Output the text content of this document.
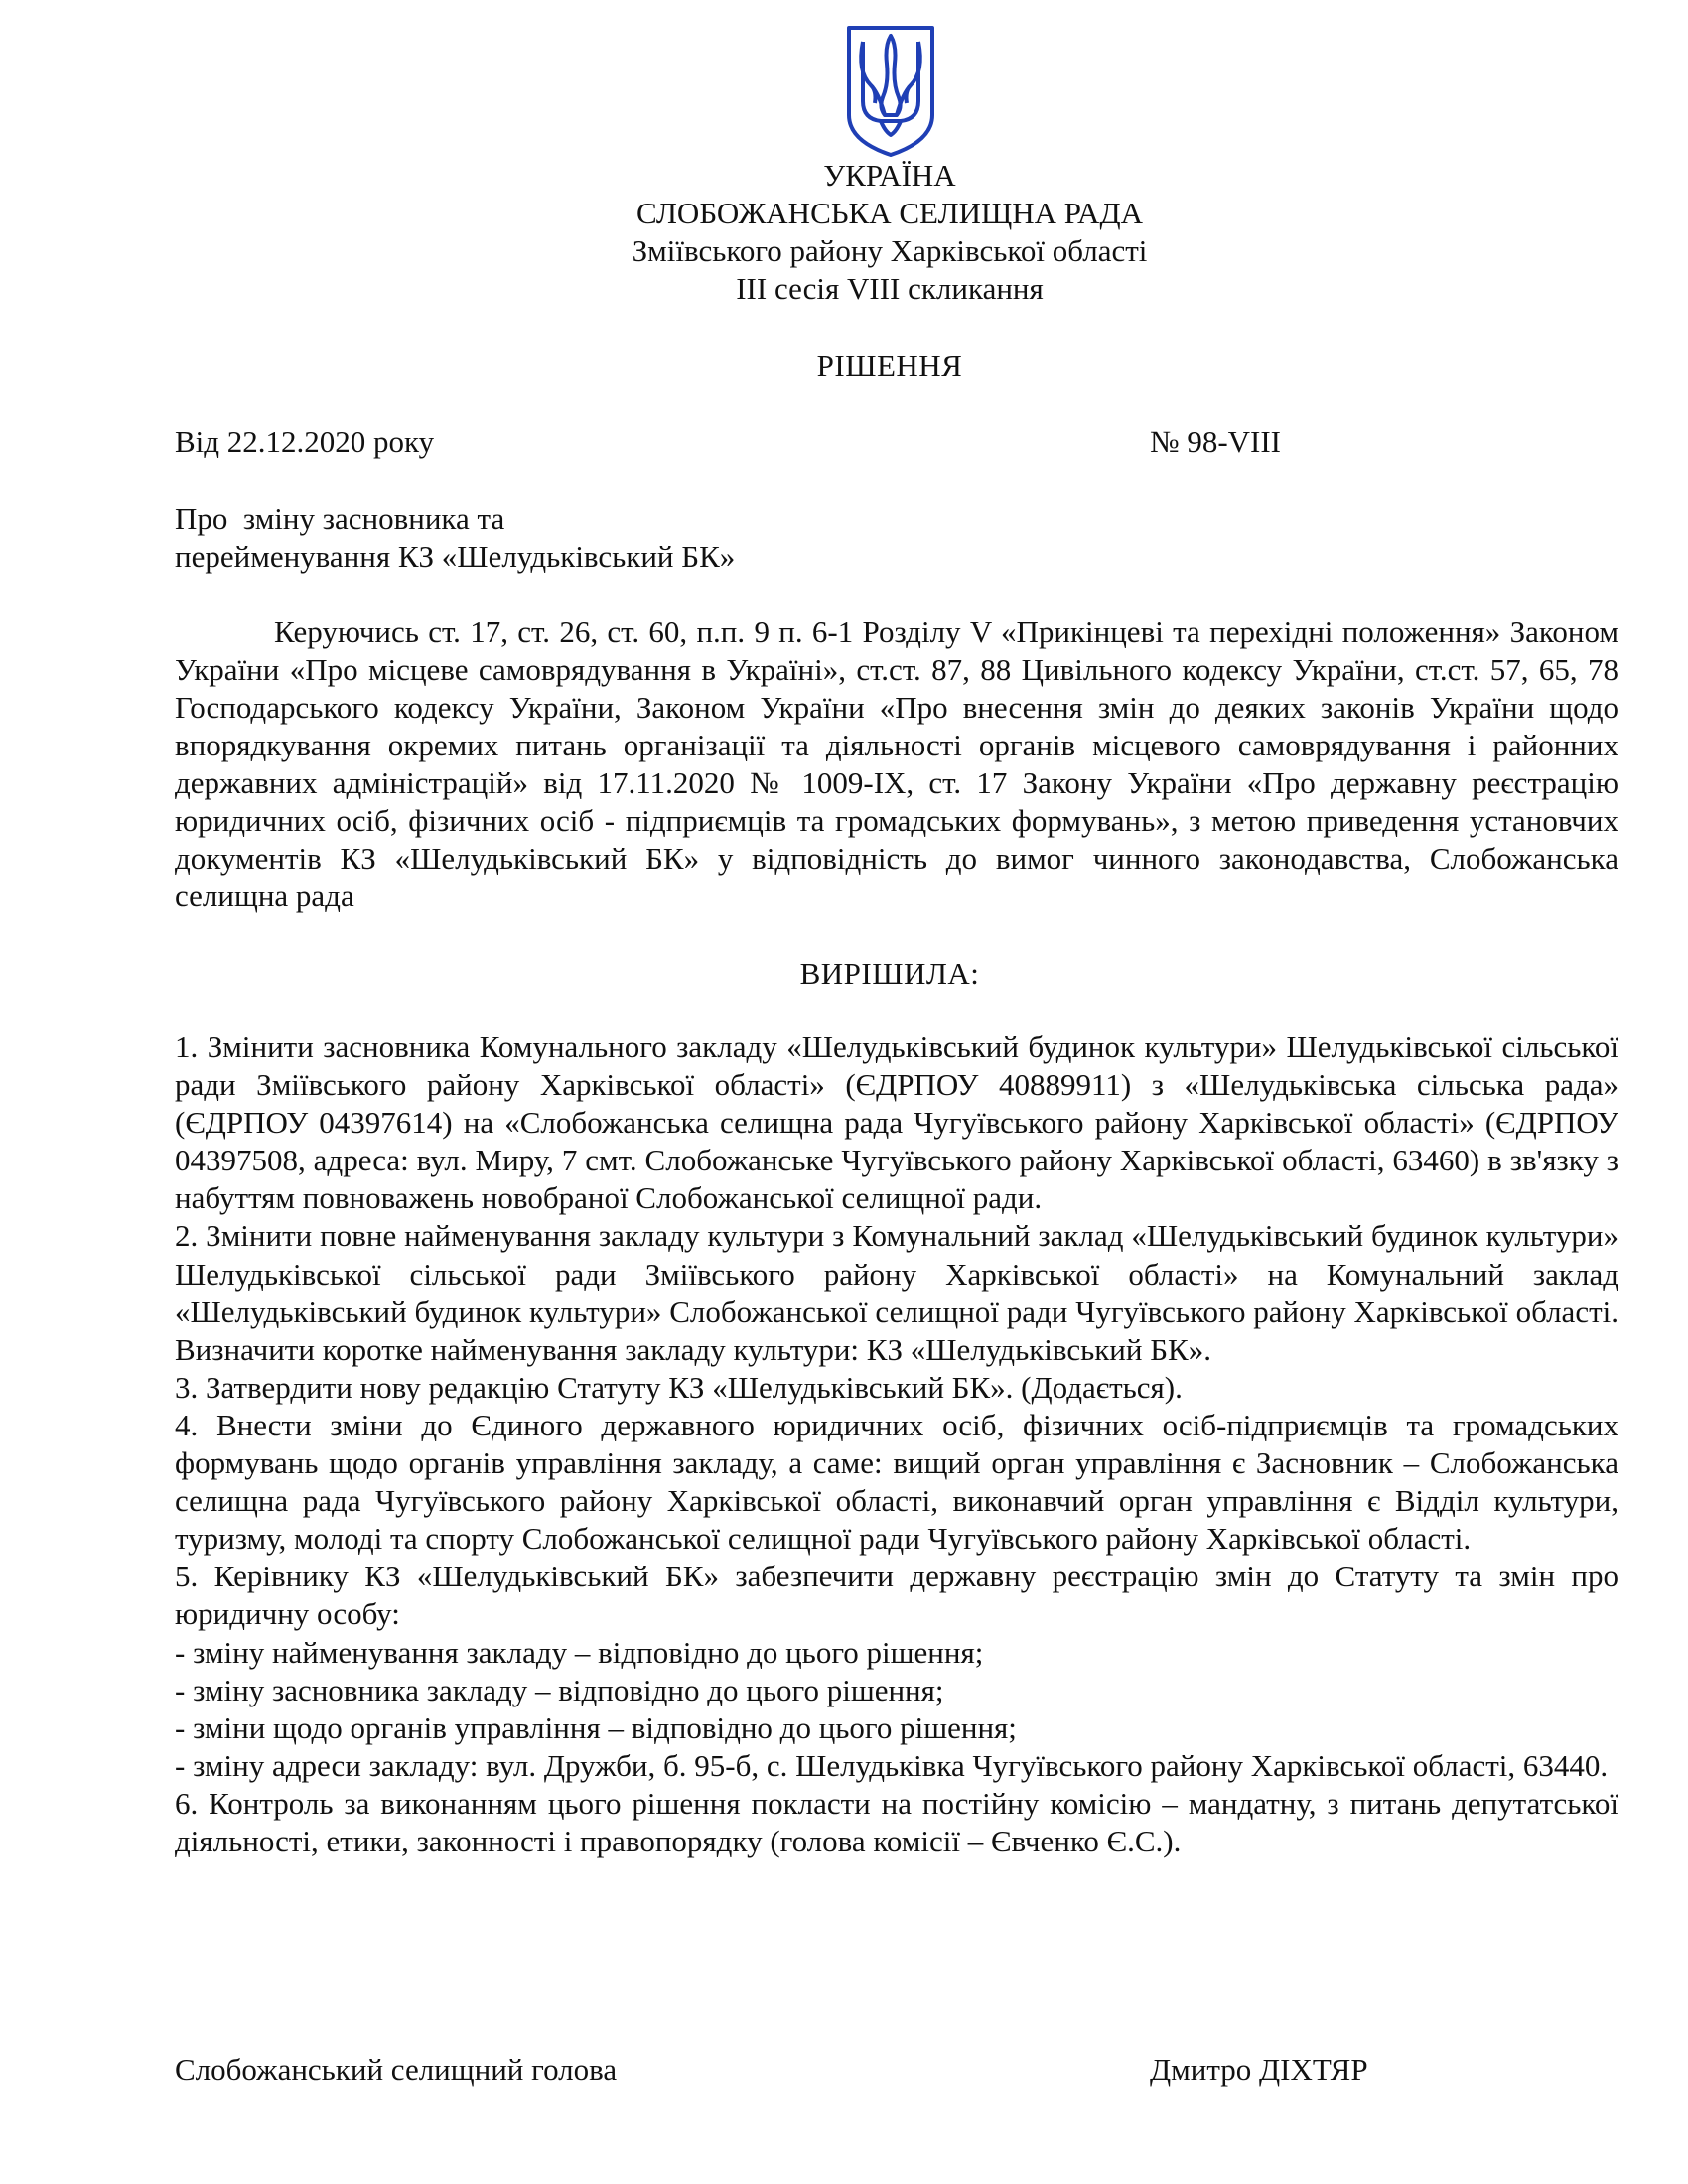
УКРАЇНА
СЛОБОЖАНСЬКА СЕЛИЩНА РАДА
Зміївського району Харківської області
ІІІ сесія VIІІ скликання
РІШЕННЯ
Від 22.12.2020 року	№ 98-VIІІ
Про  зміну засновника та
перейменування КЗ «Шелудьківський БК»
Керуючись ст. 17, ст. 26, ст. 60, п.п. 9 п. 6-1 Розділу V «Прикінцеві та перехідні положення» Законом України «Про місцеве самоврядування в Україні», ст.ст. 87, 88 Цивільного кодексу України, ст.ст. 57, 65, 78 Господарського кодексу України, Законом України «Про внесення змін до деяких законів України щодо впорядкування окремих питань організації та діяльності органів місцевого самоврядування і районних державних адміністрацій» від 17.11.2020 № 1009-IX, ст. 17 Закону України «Про державну реєстрацію юридичних осіб, фізичних осіб - підприємців та громадських формувань», з метою приведення установчих документів КЗ «Шелудьківський БК» у відповідність до вимог чинного законодавства, Слобожанська селищна рада
ВИРІШИЛА:

1. Змінити засновника Комунального закладу «Шелудьківський будинок культури» Шелудьківської сільської ради Зміївського району Харківської області» (ЄДРПОУ 40889911) з «Шелудьківська сільська рада» (ЄДРПОУ 04397614) на «Слобожанська селищна рада Чугуївського району Харківської області» (ЄДРПОУ 04397508, адреса: вул. Миру, 7 смт. Слобожанське Чугуївського району Харківської області, 63460) в зв'язку з набуттям повноважень новобраної Слобожанської селищної ради.

2. Змінити повне найменування закладу культури з Комунальний заклад «Шелудьківський будинок культури» Шелудьківської сільської ради Зміївського району Харківської області» на Комунальний заклад «Шелудьківський будинок культури» Слобожанської селищної ради Чугуївського району Харківської області. Визначити коротке найменування закладу культури: КЗ «Шелудьківський БК».

3. Затвердити нову редакцію Статуту КЗ «Шелудьківський БК». (Додається).

4. Внести зміни до Єдиного державного юридичних осіб, фізичних осіб-підприємців та громадських формувань щодо органів управління закладу, а саме: вищий орган управління є Засновник – Слобожанська селищна рада Чугуївського району Харківської області, виконавчий орган управління є Відділ культури, туризму, молоді та спорту Слобожанської селищної ради Чугуївського району Харківської області.

5. Керівнику КЗ «Шелудьківський БК» забезпечити державну реєстрацію змін до Статуту та змін про юридичну особу:

- зміну найменування закладу – відповідно до цього рішення;

- зміну засновника закладу – відповідно до цього рішення;

- зміни щодо органів управління – відповідно до цього рішення;

- зміну адреси закладу: вул. Дружби, б. 95-б, с. Шелудьківка Чугуївського району Харківської області, 63440.

6. Контроль за виконанням цього рішення покласти на постійну комісію – мандатну, з питань депутатської діяльності, етики, законності і правопорядку (голова комісії – Євченко Є.С.).

Слобожанський селищний голова	Дмитро ДІХТЯР
